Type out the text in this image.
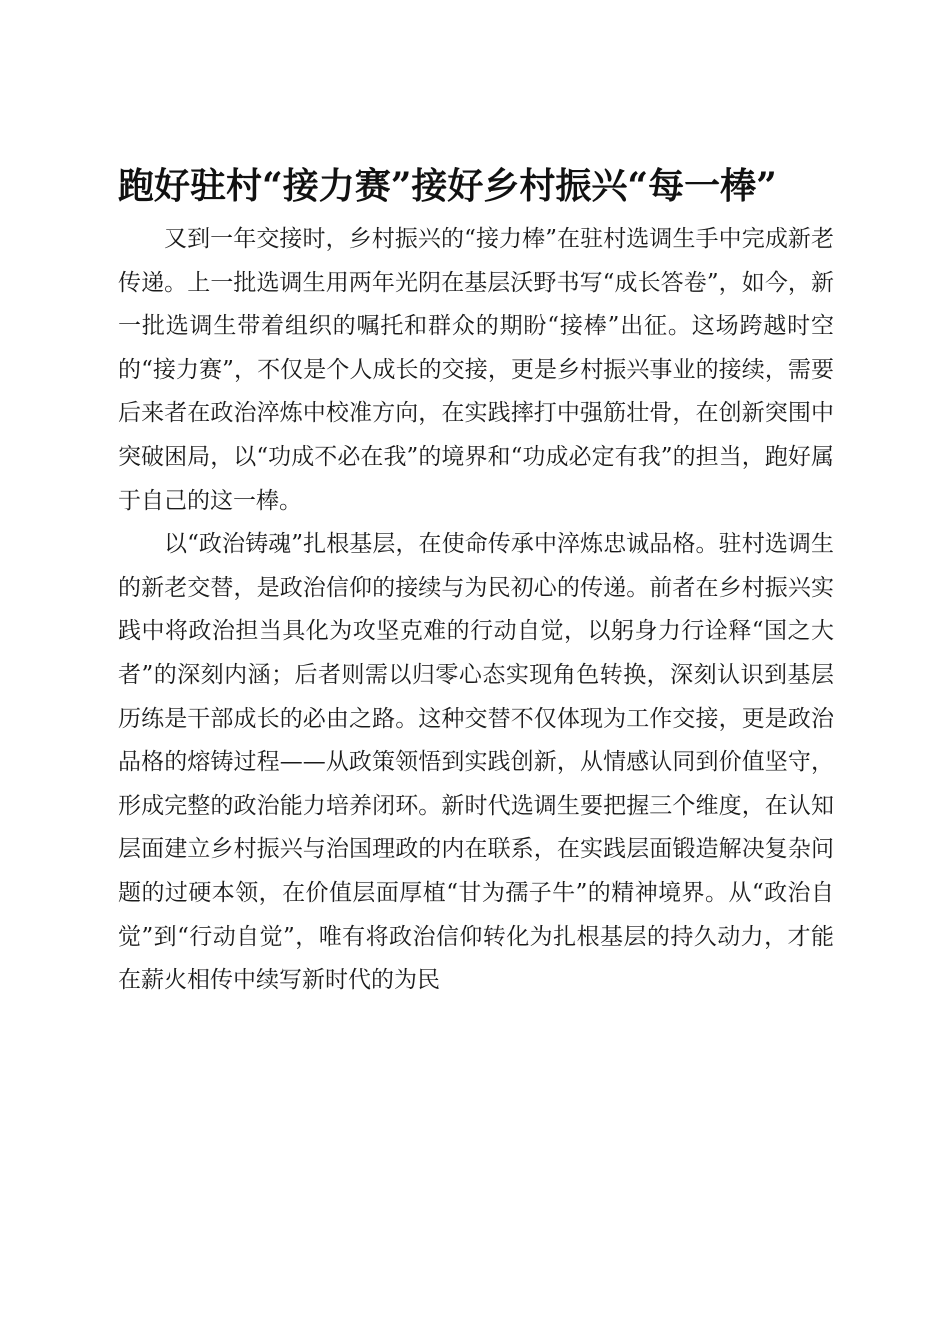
跑好驻村“接力赛”接好乡村振兴“每一棒”

又到一年交接时，乡村振兴的“接力棒”在驻村选调生手中完成新老传递。上一批选调生用两年光阴在基层沃野书写“成长答卷”，如今，新一批选调生带着组织的嘱托和群众的期盼“接棒”出征。这场跨越时空的“接力赛”，不仅是个人成长的交接，更是乡村振兴事业的接续，需要后来者在政治淬炼中校准方向，在实践摔打中强筋壮骨，在创新突围中突破困局，以“功成不必在我”的境界和“功成必定有我”的担当，跑好属于自己的这一棒。

以“政治铸魂”扎根基层，在使命传承中淬炼忠诚品格。驻村选调生的新老交替，是政治信仰的接续与为民初心的传递。前者在乡村振兴实践中将政治担当具化为攻坚克难的行动自觉，以躬身力行诠释“国之大者”的深刻内涵；后者则需以归零心态实现角色转换，深刻认识到基层历练是干部成长的必由之路。这种交替不仅体现为工作交接，更是政治品格的熔铸过程——从政策领悟到实践创新，从情感认同到价值坚守，形成完整的政治能力培养闭环。新时代选调生要把握三个维度，在认知层面建立乡村振兴与治国理政的内在联系，在实践层面锻造解决复杂问题的过硬本领，在价值层面厚植“甘为孺子牛”的精神境界。从“政治自觉”到“行动自觉”，唯有将政治信仰转化为扎根基层的持久动力，才能在薪火相传中续写新时代的为民
